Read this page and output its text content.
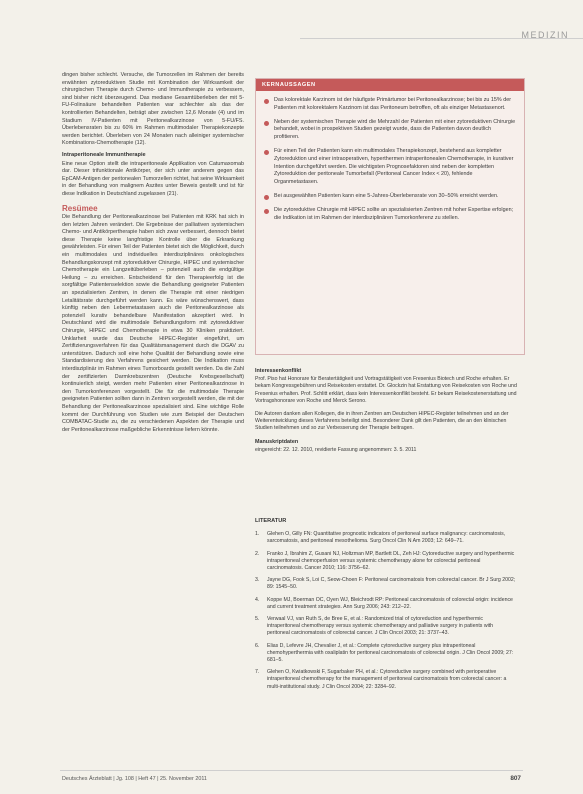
MEDIZIN

dingen bisher schlecht. Versuche, die Tumorzellen im Rahmen der bereits erwähnten zytoreduktiven Studie mit Kombination der Wirksamkeit der chirurgischen Therapie durch Chemo- und Immuntherapie zu verbessern, sind bisher nicht überzeugend. Das mediane Gesamtüberleben der mit 5-FU-Folinsäure behandelten Patienten war schlechter als das der kontrollierten Behandelten, beträgt aber zwischen 12,6 Monate (4) und im Stadium IV-Patienten mit Peritonealkarzinose von 5-FU/FS. Überlebensraten bis zu 60% im Rahmen multimodaler Therapiekonzepte werden berichtet. Überleben von 24 Monaten nach alleiniger systemischer Kombinations-Chemotherapie (12).

Intraperitoneale Immuntherapie

Eine neue Option stellt die intraperitoneale Applikation von Catumaxomab dar. Dieser trifunktionale Antikörper, der sich unter anderem gegen das EpCAM-Antigen der peritonealen Tumorzellen richtet, hat seine Wirksamkeit in der Behandlung von malignem Aszites unter Beweis gestellt und ist für diese Indikation in Deutschland zugelassen (21).

Resümee

Die Behandlung der Peritonealkarzinose bei Patienten mit KRK hat sich in den letzten Jahren verändert. Die Ergebnisse der palliativen systemischen Chemo- und Antikörpertherapie haben sich zwar verbessert, dennoch bietet diese Therapie keine langfristige Kontrolle über die Erkrankung gewährleisten. Für einen Teil der Patienten bietet sich die Möglichkeit, durch ein multimodales und individuelles interdisziplinäres onkologisches Behandlungskonzept mit zytoreduktiver Chirurgie, HIPEC und systemischer Chemotherapie ein Langzeitüberleben – potenziell auch die endgültige Heilung – zu erreichen. Entscheidend für den Therapieerfolg ist die sorgfältige Patientenselektion sowie die Behandlung geeigneter Patienten an spezialisierten Zentren, in denen die Therapie mit einer niedrigen Letalitätsrate durchgeführt werden kann. Es wäre wünschenswert, dass künftig neben den Lebermetastasen auch die Peritonealkarzinose als potenziell kurativ behandelbare Manifestation akzeptiert wird. In Deutschland wird die multimodale Behandlungsform mit zytoreduktiver Chirurgie, HIPEC und Chemotherapie in etwa 30 Kliniken praktiziert. Unklarheit wurde das Deutsche HIPEC-Register eingeführt, um Zertifizierungsverfahren für das Qualitätsmanagement durch die DGAV zu unterstützen. Dadurch soll eine hohe Qualität der Behandlung sowie eine Standardisierung des Verfahrens gesichert werden. Die Indikation muss interdisziplinär im Rahmen eines Tumorboards gestellt werden. Da die Zahl der zertifizierten Darmkrebszentren (Deutsche Krebsgesellschaft) kontinuierlich steigt, werden mehr Patienten einer Peritonealkarzinose in den Tumorkonferenzen vorgestellt. Die für die multimodale Therapie geeigneten Patienten sollten dann in Zentren vorgestellt werden, die mit der Behandlung der Peritonealkarzinose spezialisiert sind. Eine wichtige Rolle kommt der Durchführung von Studien wie zum Beispiel der Deutschen COMBATAC-Studie zu, die zu verschiedenen Aspekten der Therapie und der Peritonealkarzinose maßgebliche Erkenntnisse liefern könnte.

KERNAUSSAGEN
Das kolorektale Karzinom ist der häufigste Primärtumor bei Peritonealkarzinose; bei bis zu 15% der Patienten mit kolorektalem Karzinom ist das Peritoneum betroffen, oft als einziger Metastasenort.
Neben der systemischen Therapie wird die Mehrzahl der Patienten mit einer zytoreduktiven Chirurgie behandelt, wobei in prospektiven Studien gezeigt wurde, dass die Patienten davon deutlich profitieren.
Für einen Teil der Patienten kann ein multimodales Therapiekonzept, bestehend aus kompletter Zytoreduktion und einer intraoperativen, hyperthermen intraperitonealen Chemotherapie, in kurativer Intention durchgeführt werden. Die wichtigsten Prognosefaktoren sind neben der kompletten Zytoreduktion der peritoneale Tumorbefall (Peritoneal Cancer Index < 20), fehlende Organmetastasen.
Bei ausgewählten Patienten kann eine 5-Jahres-Überlebensrate von 30–50% erreicht werden.
Die zytoreduktive Chirurgie mit HIPEC sollte an spezialisierten Zentren mit hoher Expertise erfolgen; die Indikation ist im Rahmen der interdisziplinären Tumorkonferenz zu stellen.
Interessenkonflikt

Prof. Piso hat Honorare für Beratertätigkeit und Vortragstätigkeit von Fresenius Biotech und Roche erhalten. Er bekam Kongressgebühren und Reisekosten erstattet. Dr. Glockzin hat Erstattung von Reisekosten von Roche und Fresenius erhalten. Prof. Schlitt erklärt, dass kein Interessenkonflikt besteht. Er bekam Reisekostenerstattung und Vortragshonorare von Roche und Merck Serono.

Die Autoren danken allen Kollegen, die in ihren Zentren am Deutschen HIPEC-Register teilnehmen und an der Weiterentwicklung dieses Verfahrens beteiligt sind. Besonderer Dank gilt den Patienten, die an den klinischen Studien teilnehmen und so zur Verbesserung der Therapie beitragen.

Manuskriptdaten

eingereicht: 22. 12. 2010, revidierte Fassung angenommen: 3. 5. 2011

LITERATUR
1. Glehen O, Gilly FN: Quantitative prognostic indicators of peritoneal surface malignancy: carcinomatosis, sarcomatosis, and peritoneal mesothelioma. Surg Oncol Clin N Am 2003; 12: 649–71.
2. Franko J, Ibrahim Z, Gusani NJ, Holtzman MP, Bartlett DL, Zeh HJ: Cytoreductive surgery and hyperthermic intraperitoneal chemoperfusion versus systemic chemotherapy alone for colorectal peritoneal carcinomatosis. Cancer 2010; 116: 3756–62.
3. Jayne DG, Fook S, Loi C, Seow-Choen F: Peritoneal carcinomatosis from colorectal cancer. Br J Surg 2002; 89: 1545–50.
4. Koppe MJ, Boerman OC, Oyen WJ, Bleichrodt RP: Peritoneal carcinomatosis of colorectal origin: incidence and current treatment strategies. Ann Surg 2006; 243: 212–22.
5. Verwaal VJ, van Ruth S, de Bree E, et al.: Randomized trial of cytoreduction and hyperthermic intraperitoneal chemotherapy versus systemic chemotherapy and palliative surgery in patients with peritoneal carcinomatosis of colorectal cancer. J Clin Oncol 2003; 21: 3737–43.
6. Elias D, Lefevre JH, Chevalier J, et al.: Complete cytoreductive surgery plus intraperitoneal chemohyperthermia with oxaliplatin for peritoneal carcinomatosis of colorectal origin. J Clin Oncol 2009; 27: 681–5.
7. Glehen O, Kwiatkowski F, Sugarbaker PH, et al.: Cytoreductive surgery combined with perioperative intraperitoneal chemotherapy for the management of peritoneal carcinomatosis from colorectal cancer: a multi-institutional study. J Clin Oncol 2004; 22: 3284–92.
Deutsches Ärzteblatt | Jg. 108 | Heft 47 | 25. November 2011	807
